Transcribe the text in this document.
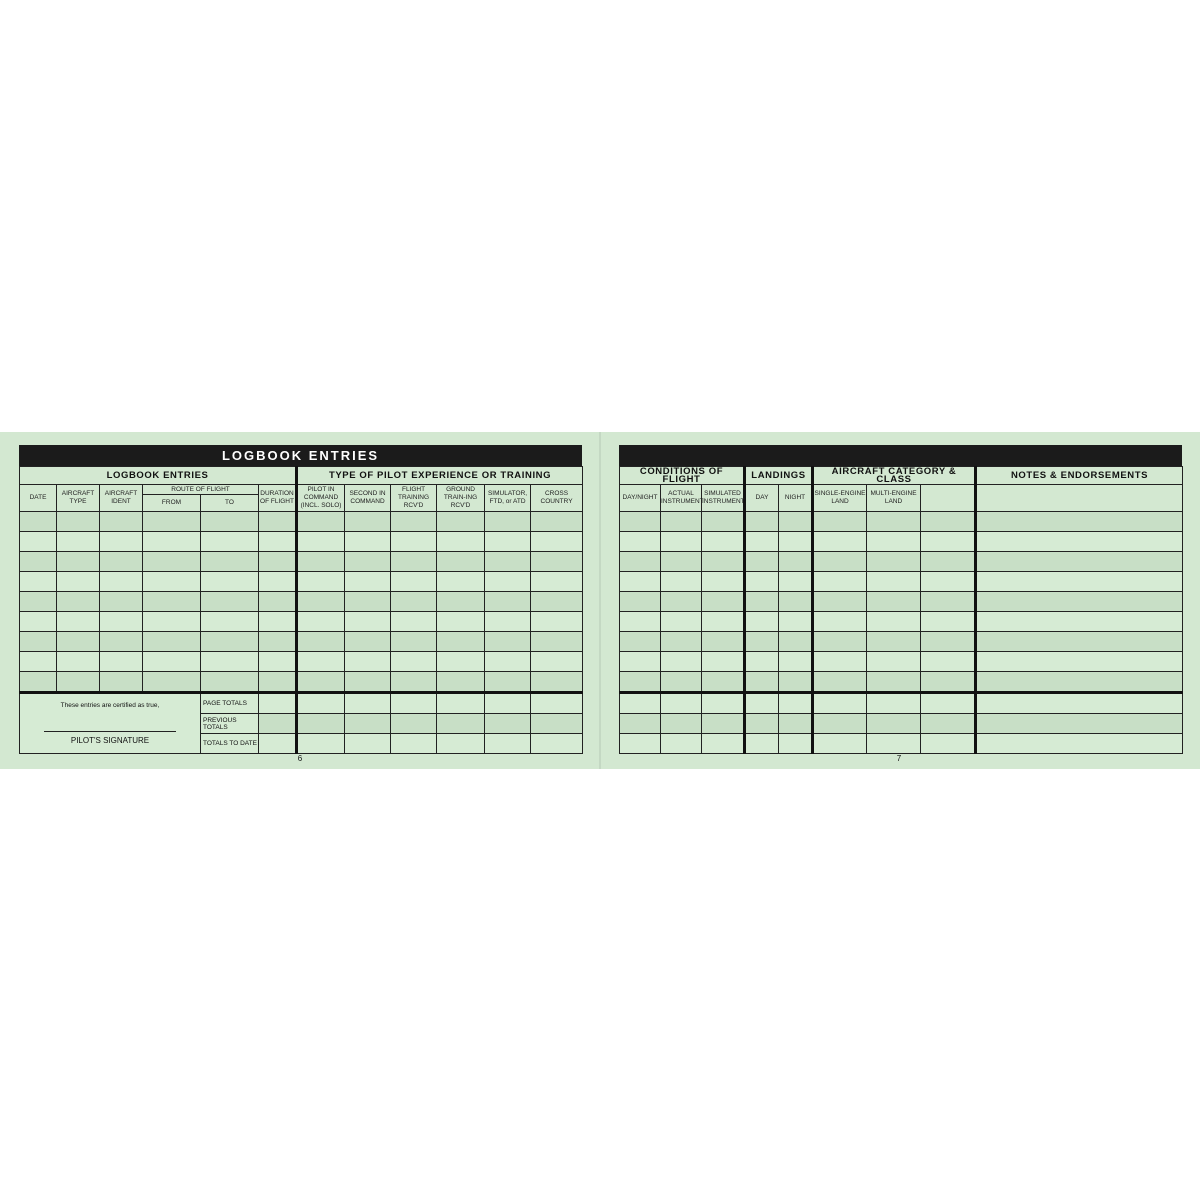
LOGBOOK ENTRIES
LOGBOOK ENTRIES						TYPE OF PILOT EXPERIENCE OR TRAINING					
DATE	AIRCRAFT TYPE	AIRCRAFT IDENT	ROUTE OF FLIGHT		DURATION OF FLIGHT	PILOT IN COMMAND (INCL. SOLO)	SECOND IN COMMAND	FLIGHT TRAINING RCV'D	GROUND TRAIN-ING RCV'D	SIMULATOR, FTD, or ATD	CROSS COUNTRY
			FROM	TO							

These entries are certified as true,
PILOT'S SIGNATURE				PAGE TOTALS							
				PREVIOUS TOTALS							
				TOTALS TO DATE							
6
CONDITIONS OF FLIGHT			LANDINGS		AIRCRAFT CATEGORY & CLASS			NOTES & ENDORSEMENTS
DAY/NIGHT	ACTUAL INSTRUMENT	SIMULATED INSTRUMENT	DAY	NIGHT	SINGLE-ENGINE LAND	MULTI-ENGINE LAND		

7
